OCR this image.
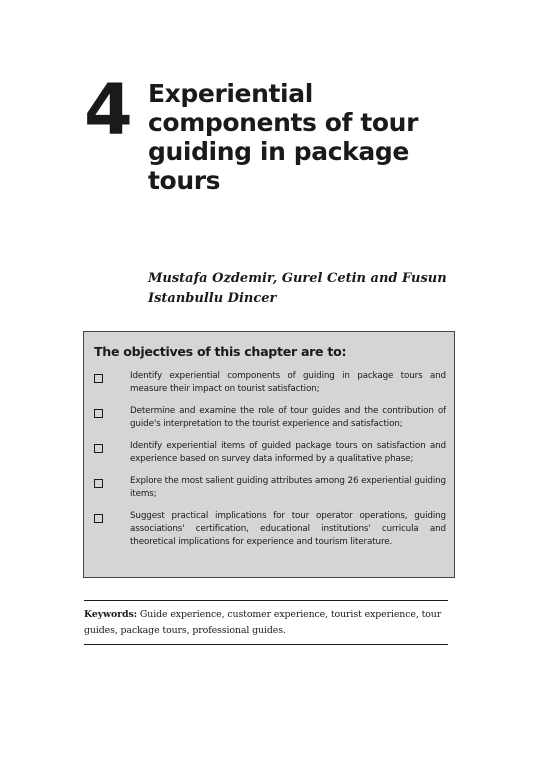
4 Experiential components of tour guiding in package tours

Mustafa Ozdemir, Gurel Cetin and Fusun Istanbullu Dincer

The objectives of this chapter are to:
Identify experiential components of guiding in package tours and measure their impact on tourist satisfaction;
Determine and examine the role of tour guides and the contribution of guide's interpretation to the tourist experience and satisfaction;
Identify experiential items of guided package tours on satisfaction and experience based on survey data informed by a qualitative phase;
Explore the most salient guiding attributes among 26 experiential guiding items;
Suggest practical implications for tour operator operations, guiding associations' certification, educational institutions' curricula and theoretical implications for experience and tourism literature.
Keywords: Guide experience, customer experience, tourist experience, tour guides, package tours, professional guides.
